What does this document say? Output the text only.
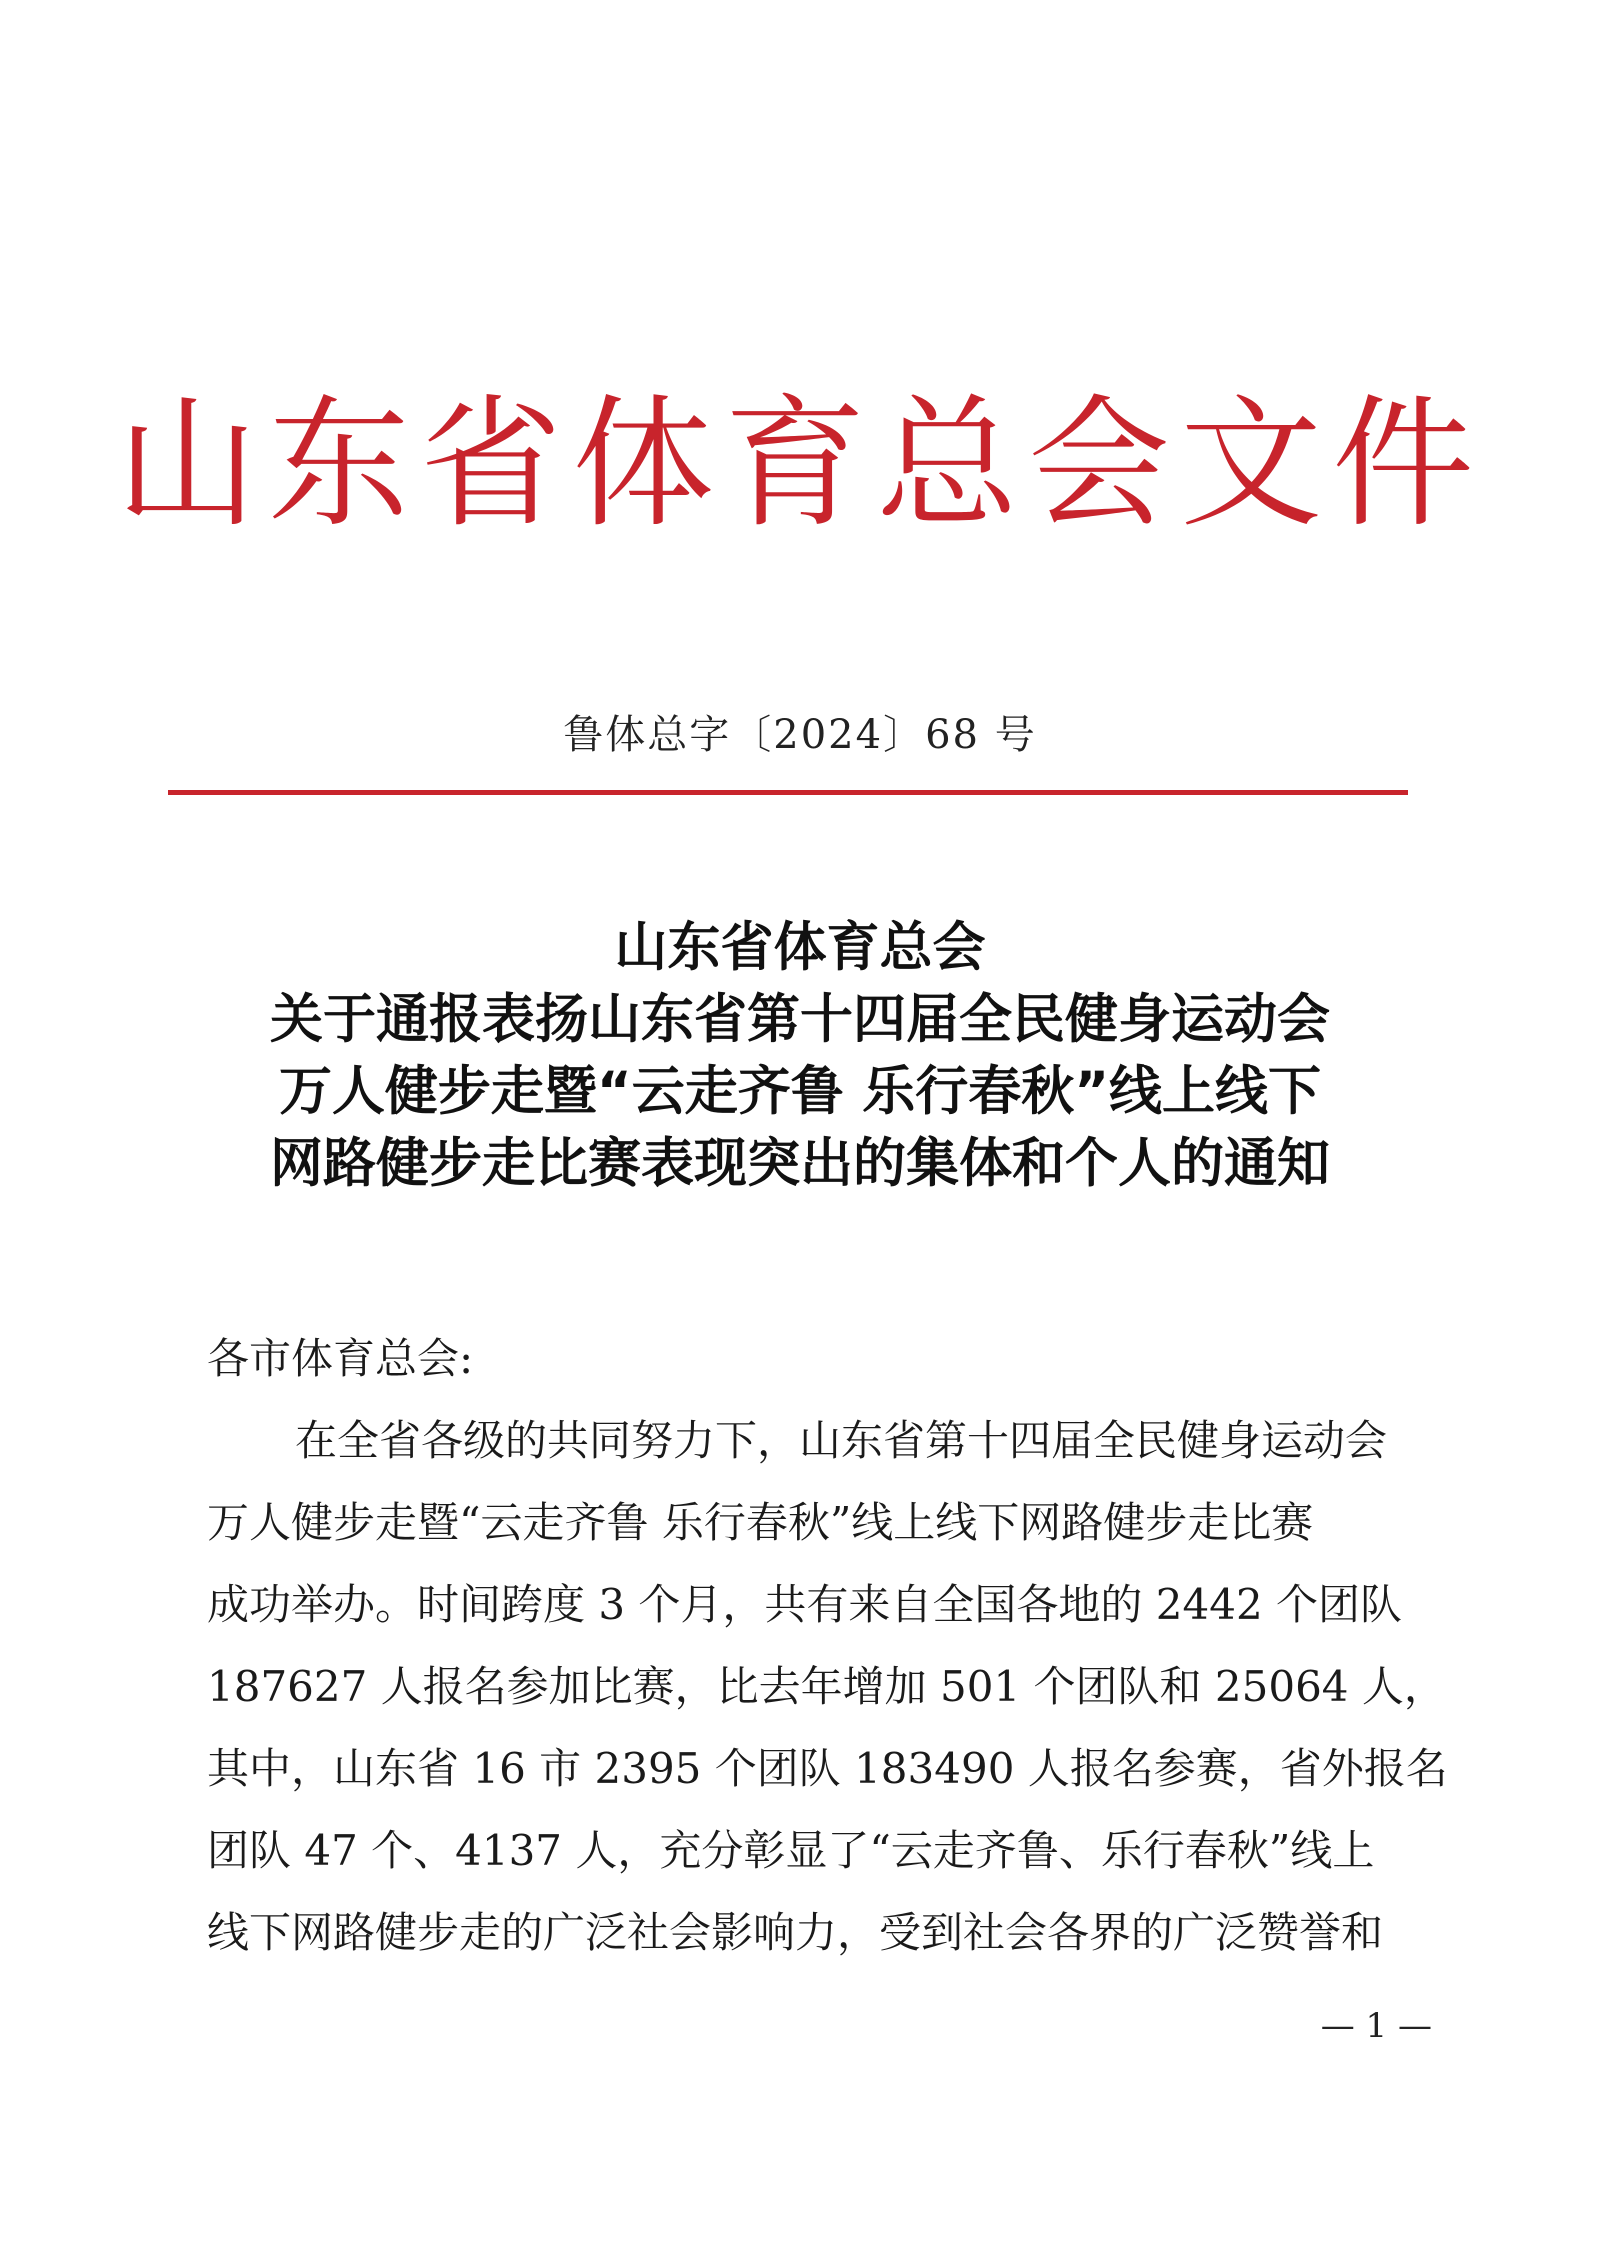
山东省体育总会文件
鲁体总字〔2024〕68 号
山东省体育总会
关于通报表扬山东省第十四届全民健身运动会
万人健步走暨“云走齐鲁 乐行春秋”线上线下
网路健步走比赛表现突出的集体和个人的通知
各市体育总会:
在全省各级的共同努力下，山东省第十四届全民健身运动会
万人健步走暨“云走齐鲁 乐行春秋”线上线下网路健步走比赛
成功举办。时间跨度 3 个月，共有来自全国各地的 2442 个团队
187627 人报名参加比赛，比去年增加 501 个团队和 25064 人，
其中，山东省 16 市 2395 个团队 183490 人报名参赛，省外报名
团队 47 个、4137 人，充分彰显了“云走齐鲁、乐行春秋”线上
线下网路健步走的广泛社会影响力，受到社会各界的广泛赞誉和
— 1 —
